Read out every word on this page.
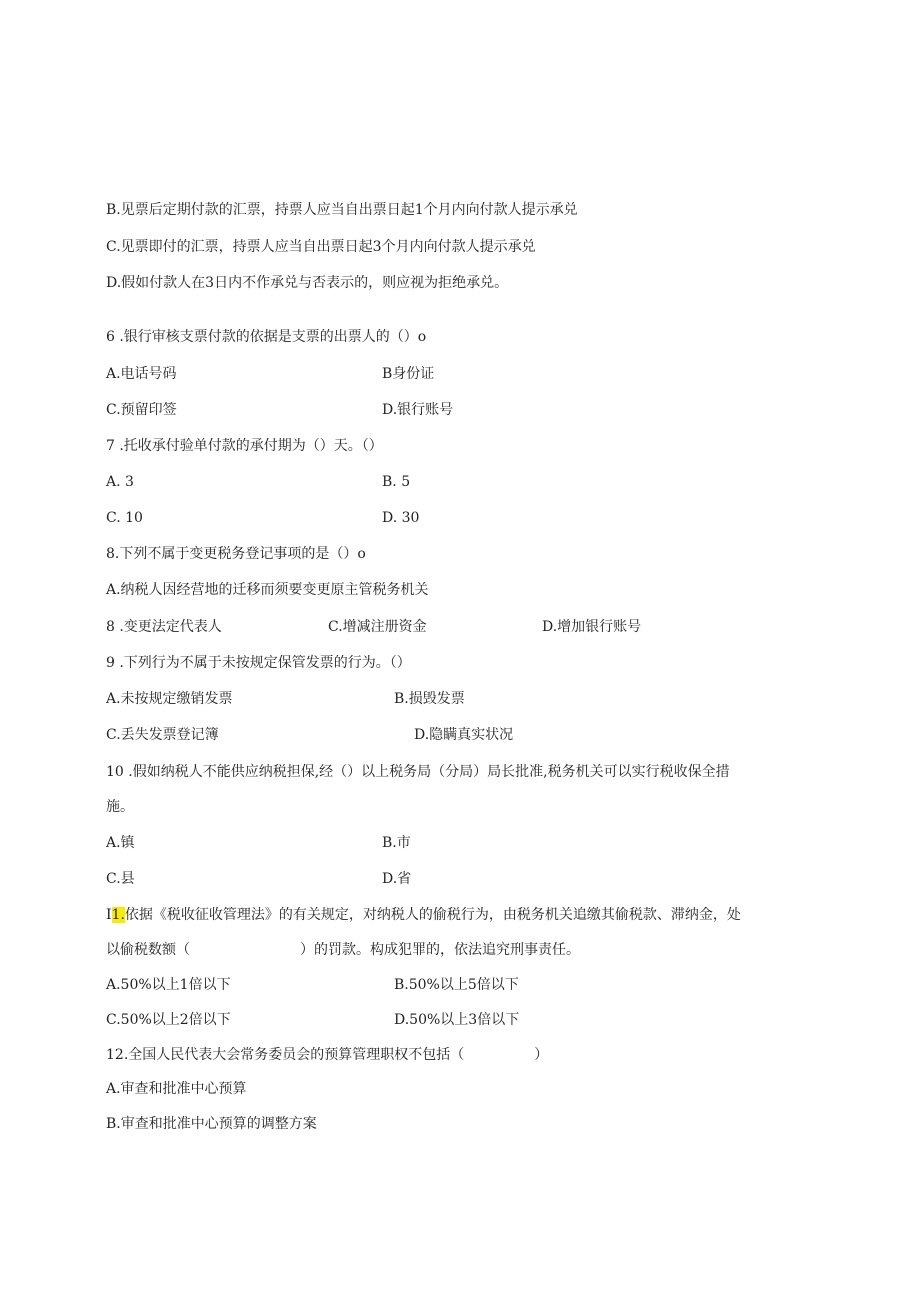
B.见票后定期付款的汇票，持票人应当自出票日起1个月内向付款人提示承兑
C.见票即付的汇票，持票人应当自出票日起3个月内向付款人提示承兑
D.假如付款人在3日内不作承兑与否表示的，则应视为拒绝承兑。
6 .银行审核支票付款的依据是支票的出票人的（）o
A.电话号码	B身份证
C.预留印签	D.银行账号
7 .托收承付验单付款的承付期为（）天。（）
A. 3	B. 5
C. 10	D. 30
8.下列不属于变更税务登记事项的是（）o
A.纳税人因经营地的迁移而须要变更原主管税务机关
8 .变更法定代表人	C.增减注册资金	D.增加银行账号
9 .下列行为不属于未按规定保管发票的行为。（）
A.未按规定缴销发票	B.损毁发票
C.丢失发票登记簿	D.隐瞒真实状况
10 .假如纳税人不能供应纳税担保,经（）以上税务局（分局）局长批准,税务机关可以实行税收保全措
施。
A.镇	B.市
C.县	D.省
I1.依据《税收征收管理法》的有关规定，对纳税人的偷税行为，由税务机关追缴其偷税款、滞纳金，处
以偷税数额（	）的罚款。构成犯罪的，依法追究刑事责任。
A.50%以上1倍以下	B.50%以上5倍以下
C.50%以上2倍以下	D.50%以上3倍以下
12.全国人民代表大会常务委员会的预算管理职权不包括（	）
A.审查和批准中心预算
B.审查和批准中心预算的调整方案
